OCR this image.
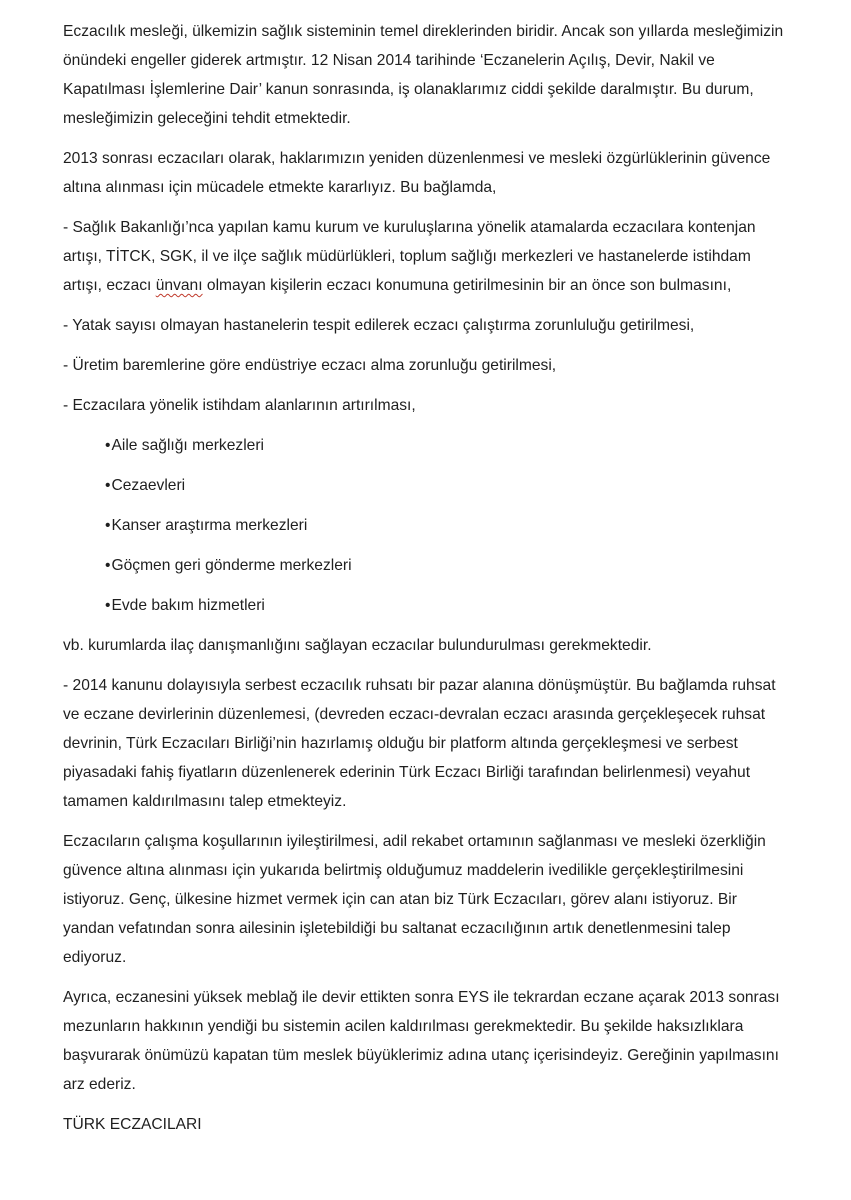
Eczacılık mesleği, ülkemizin sağlık sisteminin temel direklerinden biridir. Ancak son yıllarda mesleğimizin önündeki engeller giderek artmıştır. 12 Nisan 2014 tarihinde ‘Eczanelerin Açılış, Devir, Nakil ve Kapatılması İşlemlerine Dair’ kanun sonrasında, iş olanaklarımız ciddi şekilde daralmıştır. Bu durum, mesleğimizin geleceğini tehdit etmektedir.

2013 sonrası eczacıları olarak, haklarımızın yeniden düzenlenmesi ve mesleki özgürlüklerinin güvence altına alınması için mücadele etmekte kararlıyız. Bu bağlamda,

- Sağlık Bakanlığı’nca yapılan kamu kurum ve kuruluşlarına yönelik atamalarda eczacılara kontenjan artışı, TİTCK, SGK, il ve ilçe sağlık müdürlükleri, toplum sağlığı merkezleri ve hastanelerde istihdam artışı, eczacı ünvanı olmayan kişilerin eczacı konumuna getirilmesinin bir an önce son bulmasını,

- Yatak sayısı olmayan hastanelerin tespit edilerek eczacı çalıştırma zorunluluğu getirilmesi,

- Üretim baremlerine göre endüstriye eczacı alma zorunluğu getirilmesi,

- Eczacılara yönelik istihdam alanlarının artırılması,

• Aile sağlığı merkezleri
• Cezaevleri
• Kanser araştırma merkezleri
• Göçmen geri gönderme merkezleri
• Evde bakım hizmetleri

vb. kurumlarda ilaç danışmanlığını sağlayan eczacılar bulundurulması gerekmektedir.

- 2014 kanunu dolayısıyla serbest eczacılık ruhsatı bir pazar alanına dönüşmüştür. Bu bağlamda ruhsat ve eczane devirlerinin düzenlemesi, (devreden eczacı-devralan eczacı arasında gerçekleşecek ruhsat devrinin, Türk Eczacıları Birliği’nin hazırlamış olduğu bir platform altında gerçekleşmesi ve serbest piyasadaki fahiş fiyatların düzenlenerek ederinin Türk Eczacı Birliği tarafından belirlenmesi) veyahut tamamen kaldırılmasını talep etmekteyiz.

Eczacıların çalışma koşullarının iyileştirilmesi, adil rekabet ortamının sağlanması ve mesleki özerkliğin güvence altına alınması için yukarıda belirtmiş olduğumuz maddelerin ivedilikle gerçekleştirilmesini istiyoruz. Genç, ülkesine hizmet vermek için can atan biz Türk Eczacıları, görev alanı istiyoruz. Bir yandan vefatından sonra ailesinin işletebildiği bu saltanat eczacılığının artık denetlenmesini talep ediyoruz.

Ayrıca, eczanesini yüksek meblağ ile devir ettikten sonra EYS ile tekrardan eczane açarak 2013 sonrası mezunların hakkının yendiği bu sistemin acilen kaldırılması gerekmektedir. Bu şekilde haksızlıklara başvurarak önümüzü kapatan tüm meslek büyüklerimiz adına utanç içerisindeyiz. Gereğinin yapılmasını arz ederiz.

TÜRK ECZACILARI
